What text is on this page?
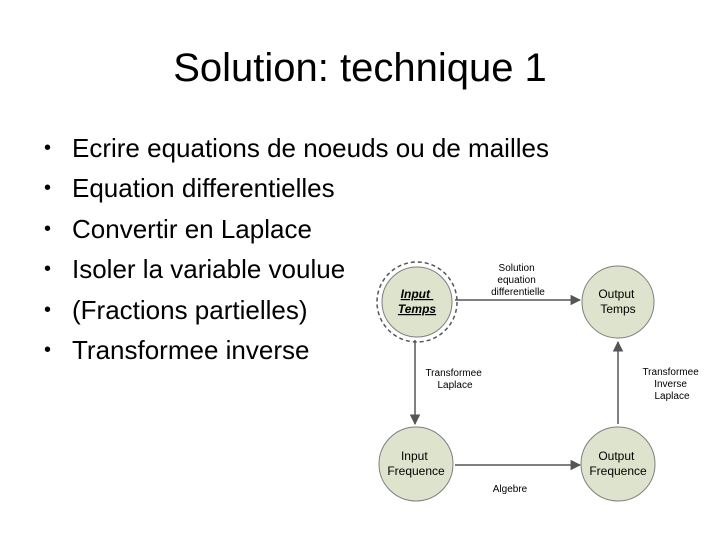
Solution: technique 1
• Ecrire equations de noeuds ou de mailles
• Equation differentielles
• Convertir en Laplace
• Isoler la variable voulue
• (Fractions partielles)
• Transformee inverse
Solution equation differentielle
Transformee Laplace
Transformee Inverse Laplace
Algebre
Input Temps
Output Temps
Input Frequence
Output Frequence
